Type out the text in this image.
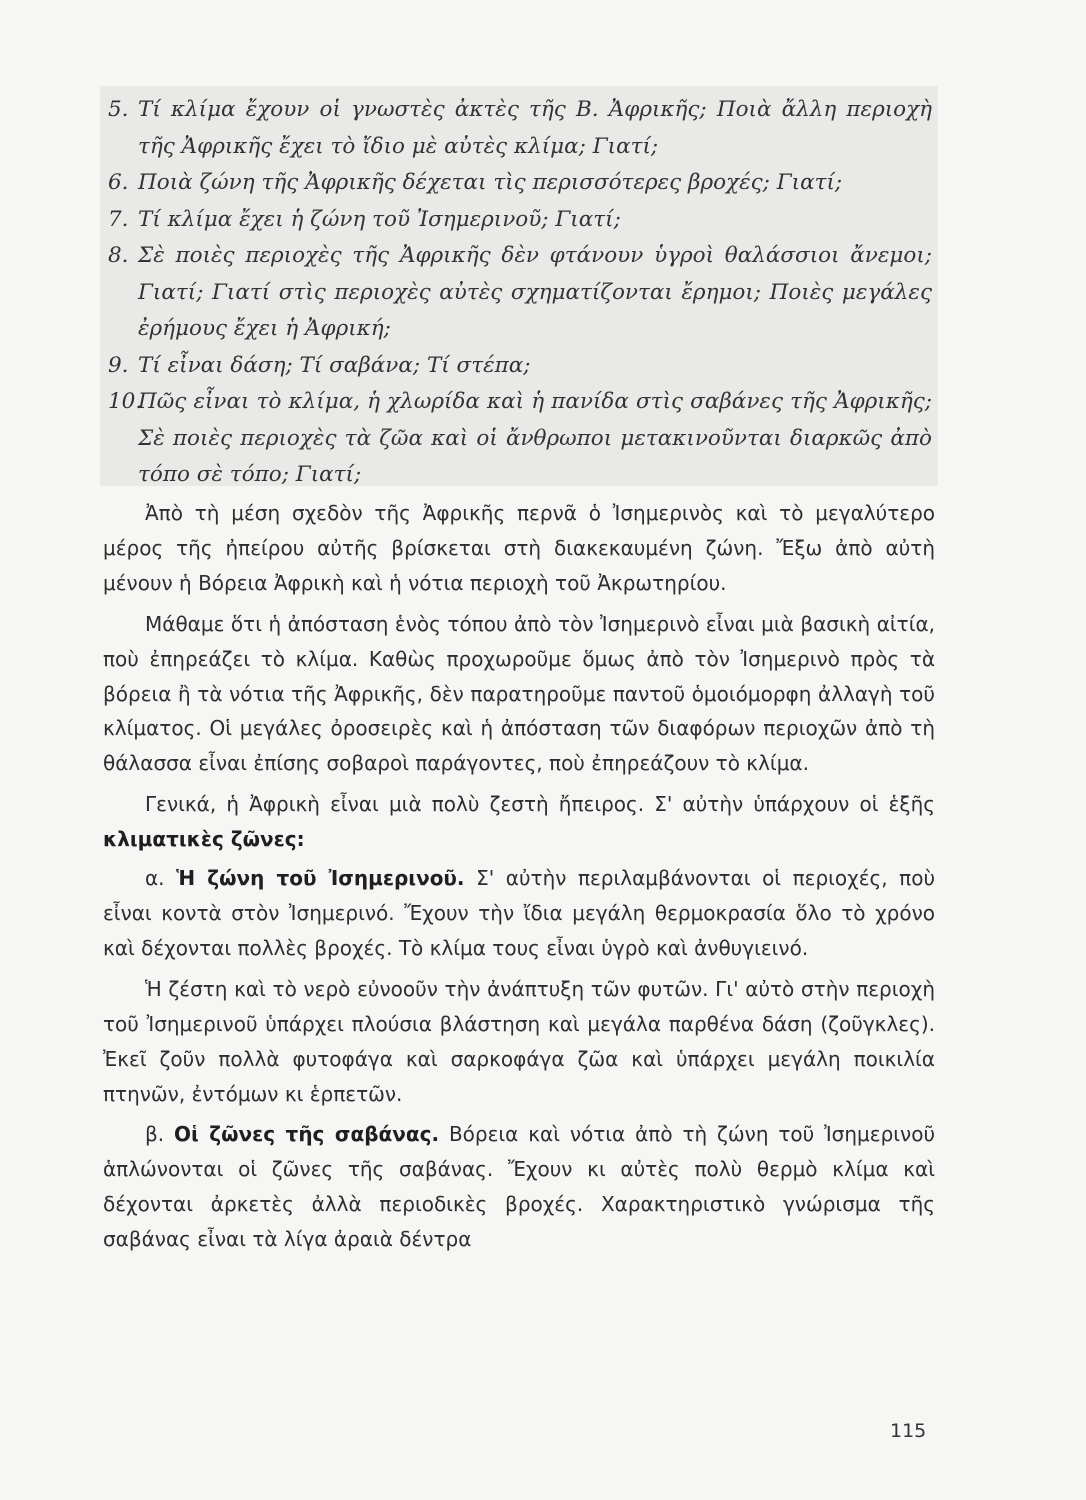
5. Τί κλίμα ἔχουν οἱ γνωστὲς ἀκτὲς τῆς Β. Ἀφρικῆς; Ποιὰ ἄλλη περιοχὴ τῆς Ἀφρικῆς ἔχει τὸ ἴδιο μὲ αὐτὲς κλίμα; Γιατί;
6. Ποιὰ ζώνη τῆς Ἀφρικῆς δέχεται τὶς περισσότερες βροχές; Γιατί;
7. Τί κλίμα ἔχει ἡ ζώνη τοῦ Ἰσημερινοῦ; Γιατί;
8. Σὲ ποιὲς περιοχὲς τῆς Ἀφρικῆς δὲν φτάνουν ὑγροὶ θαλάσσιοι ἄνεμοι; Γιατί; Γιατί στὶς περιοχὲς αὐτὲς σχηματίζονται ἔρημοι; Ποιὲς μεγάλες ἐρήμους ἔχει ἡ Ἀφρική;
9. Τί εἶναι δάση; Τί σαβάνα; Τί στέπα;
10.
Πῶς εἶναι τὸ κλίμα, ἡ χλωρίδα καὶ ἡ πανίδα στὶς σαβάνες τῆς Ἀφρικῆς; Σὲ ποιὲς περιοχὲς τὰ ζῶα καὶ οἱ ἄνθρωποι μετακινοῦνται διαρκῶς ἀπὸ τόπο σὲ τόπο; Γιατί;

Ἀπὸ τὴ μέση σχεδὸν τῆς Ἀφρικῆς περνᾶ ὁ Ἰσημερινὸς καὶ τὸ μεγαλύτερο μέρος τῆς ἠπείρου αὐτῆς βρίσκεται στὴ διακεκαυμένη ζώνη. Ἔξω ἀπὸ αὐτὴ μένουν ἡ Βόρεια Ἀφρικὴ καὶ ἡ νότια περιοχὴ τοῦ Ἀκρωτηρίου.

Μάθαμε ὅτι ἡ ἀπόσταση ἑνὸς τόπου ἀπὸ τὸν Ἰσημερινὸ εἶναι μιὰ βασικὴ αἰτία, ποὺ ἐπηρεάζει τὸ κλίμα. Καθὼς προχωροῦμε ὅμως ἀπὸ τὸν Ἰσημερινὸ πρὸς τὰ βόρεια ἢ τὰ νότια τῆς Ἀφρικῆς, δὲν παρατηροῦμε παντοῦ ὁμοιόμορφη ἀλλαγὴ τοῦ κλίματος. Οἱ μεγάλες ὀροσειρὲς καὶ ἡ ἀπόσταση τῶν διαφόρων περιοχῶν ἀπὸ τὴ θάλασσα εἶναι ἐπίσης σοβαροὶ παράγοντες, ποὺ ἐπηρεάζουν τὸ κλίμα.

Γενικά, ἡ Ἀφρικὴ εἶναι μιὰ πολὺ ζεστὴ ἤπειρος. Σ' αὐτὴν ὑπάρχουν οἱ ἑξῆς κλιματικὲς ζῶνες:

α. Ἡ ζώνη τοῦ Ἰσημερινοῦ. Σ' αὐτὴν περιλαμβάνονται οἱ περιοχές, ποὺ εἶναι κοντὰ στὸν Ἰσημερινό. Ἔχουν τὴν ἴδια μεγάλη θερμοκρασία ὅλο τὸ χρόνο καὶ δέχονται πολλὲς βροχές. Τὸ κλίμα τους εἶναι ὑγρὸ καὶ ἀνθυγιεινό.

Ἡ ζέστη καὶ τὸ νερὸ εὐνοοῦν τὴν ἀνάπτυξη τῶν φυτῶν. Γι' αὐτὸ στὴν περιοχὴ τοῦ Ἰσημερινοῦ ὑπάρχει πλούσια βλάστηση καὶ μεγάλα παρθένα δάση (ζοῦγκλες). Ἐκεῖ ζοῦν πολλὰ φυτοφάγα καὶ σαρκοφάγα ζῶα καὶ ὑπάρχει μεγάλη ποικιλία πτηνῶν, ἐντόμων κι ἑρπετῶν.

β. Οἱ ζῶνες τῆς σαβάνας. Βόρεια καὶ νότια ἀπὸ τὴ ζώνη τοῦ Ἰσημερινοῦ ἁπλώνονται οἱ ζῶνες τῆς σαβάνας. Ἔχουν κι αὐτὲς πολὺ θερμὸ κλίμα καὶ δέχονται ἀρκετὲς ἀλλὰ περιοδικὲς βροχές. Χαρακτηριστικὸ γνώρισμα τῆς σαβάνας εἶναι τὰ λίγα ἀραιὰ δέντρα

115
